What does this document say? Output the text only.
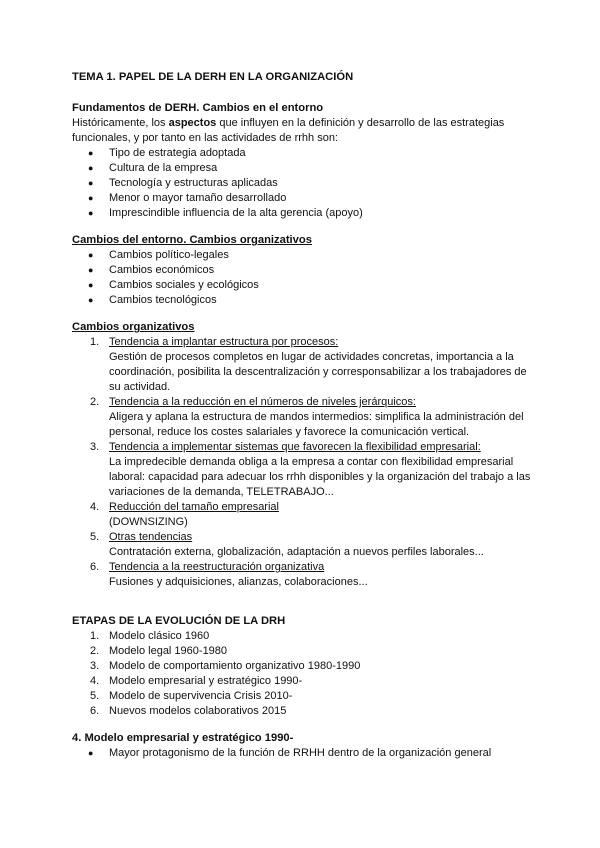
TEMA 1. PAPEL DE LA DERH EN LA ORGANIZACIÓN
Fundamentos de DERH. Cambios en el entorno

Históricamente, los aspectos que influyen en la definición y desarrollo de las estrategias

funcionales, y por tanto en las actividades de rrhh son:

● Tipo de estrategia adoptada
● Cultura de la empresa
● Tecnología y estructuras aplicadas
● Menor o mayor tamaño desarrollado
● Imprescindible influencia de la alta gerencia (apoyo)
Cambios del entorno. Cambios organizativos
● Cambios político-legales
● Cambios económicos
● Cambios sociales y ecológicos
● Cambios tecnológicos
Cambios organizativos
1. Tendencia a implantar estructura por procesos:
Gestión de procesos completos en lugar de actividades concretas, importancia a la coordinación, posibilita la descentralización y corresponsabilizar a los trabajadores de su actividad.
2. Tendencia a la reducción en el números de niveles jerárquicos:
Aligera y aplana la estructura de mandos intermedios: simplifica la administración del personal, reduce los costes salariales y favorece la comunicación vertical.
3. Tendencia a implementar sistemas que favorecen la flexibilidad empresarial:
La impredecible demanda obliga a la empresa a contar con flexibilidad empresarial laboral: capacidad para adecuar los rrhh disponibles y la organización del trabajo a las variaciones de la demanda, TELETRABAJO...
4. Reducción del tamaño empresarial
(DOWNSIZING)
5. Otras tendencias
Contratación externa, globalización, adaptación a nuevos perfiles laborales...
6. Tendencia a la reestructuración organizativa
Fusiones y adquisiciones, alianzas, colaboraciones...
ETAPAS DE LA EVOLUCIÓN DE LA DRH
1. Modelo clásico 1960
2. Modelo legal 1960-1980
3. Modelo de comportamiento organizativo 1980-1990
4. Modelo empresarial y estratégico 1990-
5. Modelo de supervivencia Crisis 2010-
6. Nuevos modelos colaborativos 2015
4. Modelo empresarial y estratégico 1990-
● Mayor protagonismo de la función de RRHH dentro de la organización general
